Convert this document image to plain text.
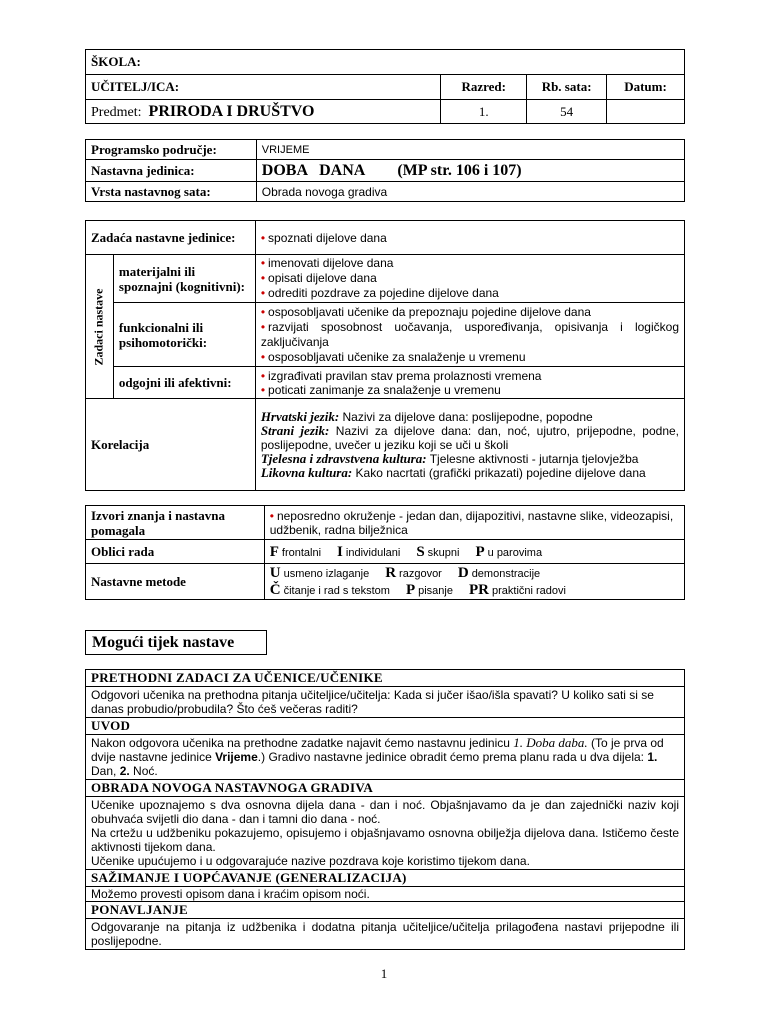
ŠKOLA:			
UČITELJ/ICA:	Razred:	Rb. sata:	Datum:
Predmet: PRIRODA I DRUŠTVO	1.	54	
Programsko područje:	VRIJEME
Nastavna jedinica:	DOBA   DANA (MP str. 106 i 107)
Vrsta nastavnog sata:	Obrada novoga gradiva
Zadaća nastavne jedinice:		• spoznati dijelove dana

Zadaci nastave	materijalni ili spoznajni (kognitivni):	• imenovati dijelove dana
• opisati dijelove dana
• odrediti pozdrave za pojedine dijelove dana

	funkcionalni ili psihomotorički:	• osposobljavati učenike da prepoznaju pojedine dijelove dana
• razvijati sposobnost uočavanja, uspoređivanja, opisivanja i logičkog zaključivanja
• osposobljavati učenike za snalaženje u vremenu

	odgojni ili afektivni:	• izgrađivati pravilan stav prema prolaznosti vremena
• poticati zanimanje za snalaženje u vremenu

Korelacija		Hrvatski jezik: Nazivi za dijelove dana: poslijepodne, popodne
Strani jezik: Nazivi za dijelove dana: dan, noć, ujutro, prijepodne, podne, poslijepodne, uvečer u jeziku koji se uči u školi
Tjelesna i zdravstvena kultura: Tjelesne aktivnosti - jutarnja tjelovježba
Likovna kultura: Kako nacrtati (grafički prikazati) pojedine dijelove dana
Izvori znanja i nastavna pomagala	• neposredno okruženje - jedan dan, dijapozitivi, nastavne slike, videozapisi, udžbenik, radna bilježnica
Oblici rada	F frontalni I individulani S skupni P u parovima
Nastavne metode	U usmeno izlaganje R razgovor D demonstracije
Č čitanje i rad s tekstom P pisanje PR praktični radovi
Mogući tijek nastave
PRETHODNI ZADACI ZA UČENICE/UČENIKE
Odgovori učenika na prethodna pitanja učiteljice/učitelja: Kada si jučer išao/išla spavati? U koliko sati si se danas probudio/probudila? Što ćeš večeras raditi?
UVOD
Nakon odgovora učenika na prethodne zadatke najavit ćemo nastavnu jedinicu 1. Doba daba. (To je prva od dvije nastavne jedinice Vrijeme.) Gradivo nastavne jedinice obradit ćemo prema planu rada u dva dijela: 1. Dan, 2. Noć.
OBRADA NOVOGA NASTAVNOGA GRADIVA

Učenike upoznajemo s dva osnovna dijela dana - dan i noć. Objašnjavamo da je dan zajednički naziv koji obuhvaća svijetli dio dana - dan i tamni dio dana - noć.
Na crtežu u udžbeniku pokazujemo, opisujemo i objašnjavamo osnovna obilježja dijelova dana. Ističemo česte aktivnosti tijekom dana.
Učenike upućujemo i u odgovarajuće nazive pozdrava koje koristimo tijekom dana.

SAŽIMANJE I UOPĆAVANJE (GENERALIZACIJA)
Možemo provesti opisom dana i kraćim opisom noći.
PONAVLJANJE
Odgovaranje na pitanja iz udžbenika i dodatna pitanja učiteljice/učitelja prilagođena nastavi prijepodne ili poslijepodne.
1
